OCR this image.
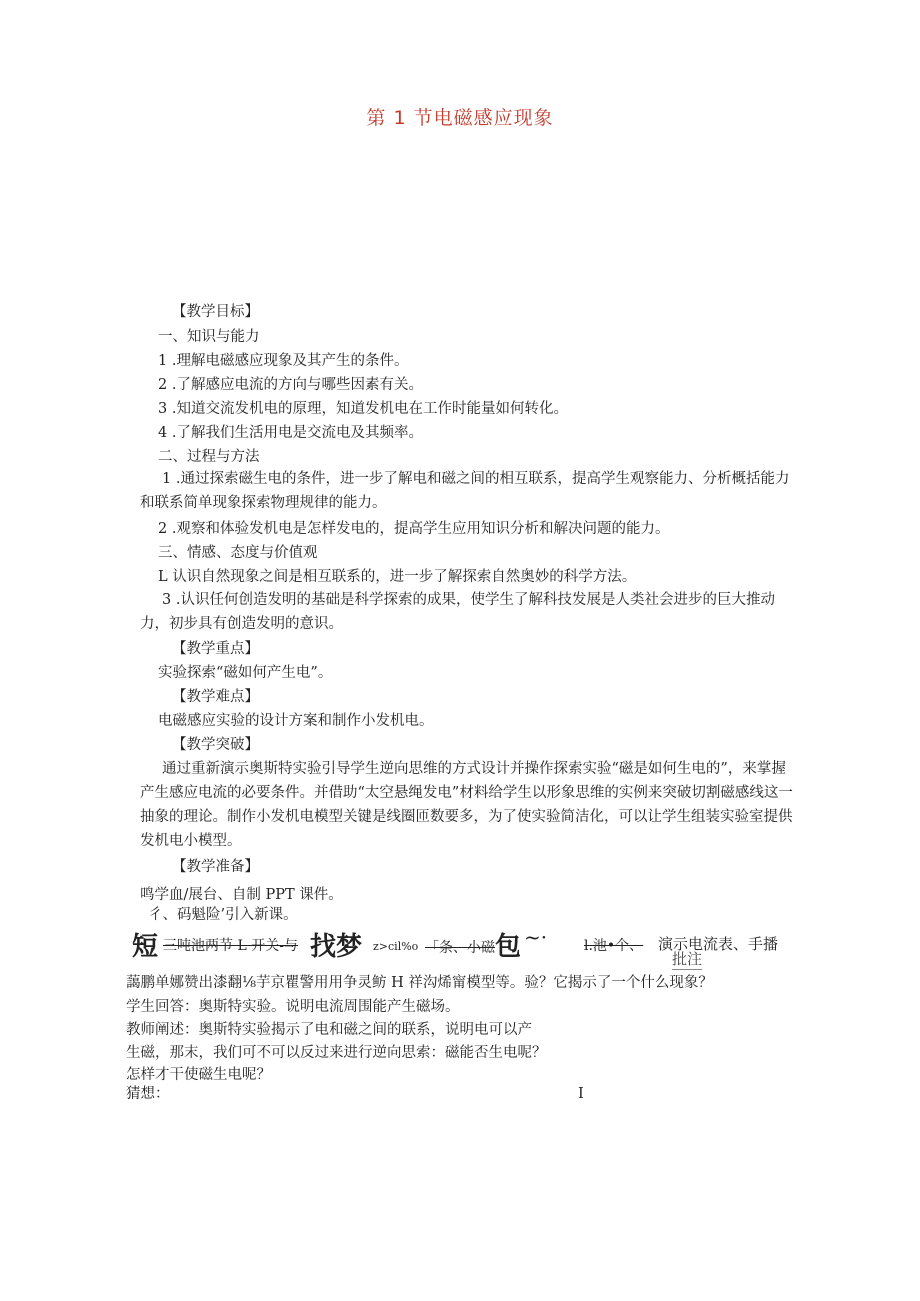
第 1 节电磁感应现象
【教学目标】
一、知识与能力
1 .理解电磁感应现象及其产生的条件。
2 .了解感应电流的方向与哪些因素有关。
3 .知道交流发机电的原理，知道发机电在工作时能量如何转化。
4 .了解我们生活用电是交流电及其频率。
二、过程与方法
1 .通过探索磁生电的条件，进一步了解电和磁之间的相互联系，提高学生观察能力、分析概括能力和联系简单现象探索物理规律的能力。
2 .观察和体验发机电是怎样发电的，提高学生应用知识分析和解决问题的能力。
三、情感、态度与价值观
L 认识自然现象之间是相互联系的，进一步了解探索自然奥妙的科学方法。
3 .认识任何创造发明的基础是科学探索的成果，使学生了解科技发展是人类社会进步的巨大推动力，初步具有创造发明的意识。
【教学重点】
实验探索“磁如何产生电”。
【教学难点】
电磁感应实验的设计方案和制作小发机电。
【教学突破】
通过重新演示奥斯特实验引导学生逆向思维的方式设计并操作探索实验“磁是如何生电的”，来掌握产生感应电流的必要条件。并借助“太空悬绳发电”材料给学生以形象思维的实例来突破切割磁感线这一抽象的理论。制作小发机电模型关键是线圈匝数要多，为了使实验简洁化，可以让学生组装实验室提供发机电小模型。
【教学准备】
鸣学血/展台、自制 PPT 课件。
彳、码魁险’引入新课。
短 三吨池两节 L 开关-与 找梦 z>cil%o 「条、小磁 包 ~·	l.池•个、 演示电流表、手播
批注
藹鹏单娜赞出漆翻⅛芋京瞿警用用争灵鲂 H 祥沟烯甯模型等。验？它揭示了一个什么现象？
学生回答：奥斯特实验。说明电流周围能产生磁场。
教师阐述：奥斯特实验揭示了电和磁之间的联系，说明电可以产
生磁，那末，我们可不可以反过来进行逆向思索：磁能否生电呢？
怎样才干使磁生电呢？
猜想：	I
